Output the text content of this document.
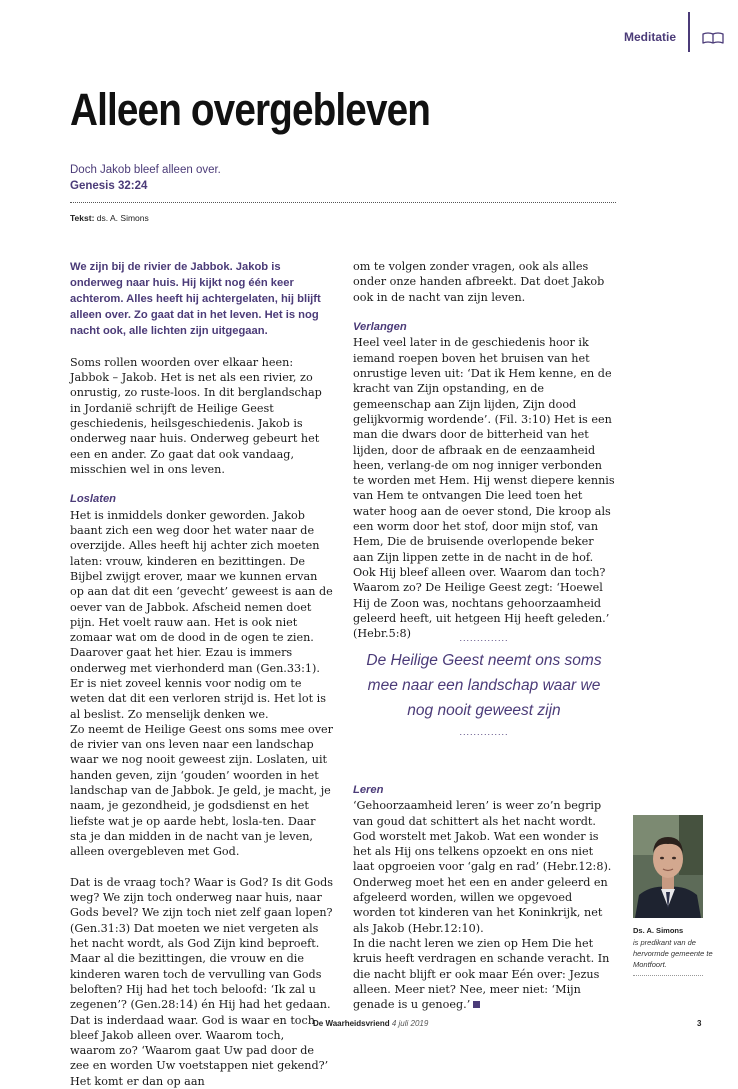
Meditatie
Alleen overgebleven
Doch Jakob bleef alleen over.
Genesis 32:24
Tekst: ds. A. Simons

We zijn bij de rivier de Jabbok. Jakob is onderweg naar huis. Hij kijkt nog één keer achterom. Alles heeft hij achtergelaten, hij blijft alleen over. Zo gaat dat in het leven. Het is nog nacht ook, alle lichten zijn uitgegaan.

Soms rollen woorden over elkaar heen: Jabbok – Jakob. Het is net als een rivier, zo onrustig, zo ruste-loos. In dit berglandschap in Jordanië schrijft de Heilige Geest geschiedenis, heilsgeschiedenis. Jakob is onderweg naar huis. Onderweg gebeurt het een en ander. Zo gaat dat ook vandaag, misschien wel in ons leven.

Loslaten

Het is inmiddels donker geworden. Jakob baant zich een weg door het water naar de overzijde. Alles heeft hij achter zich moeten laten: vrouw, kinderen en bezittingen. De Bijbel zwijgt erover, maar we kunnen ervan op aan dat dit een ‘gevecht’ geweest is aan de oever van de Jabbok. Afscheid nemen doet pijn. Het voelt rauw aan. Het is ook niet zomaar wat om de dood in de ogen te zien. Daarover gaat het hier. Ezau is immers onderweg met vierhonderd man (Gen.33:1). Er is niet zoveel kennis voor nodig om te weten dat dit een verloren strijd is. Het lot is al beslist. Zo menselijk denken we.

Zo neemt de Heilige Geest ons soms mee over de rivier van ons leven naar een landschap waar we nog nooit geweest zijn. Loslaten, uit handen geven, zijn ‘gouden’ woorden in het landschap van de Jabbok. Je geld, je macht, je naam, je gezondheid, je godsdienst en het liefste wat je op aarde hebt, losla-ten. Daar sta je dan midden in de nacht van je leven, alleen overgebleven met God.

Dat is de vraag toch? Waar is God? Is dit Gods weg? We zijn toch onderweg naar huis, naar Gods bevel? We zijn toch niet zelf gaan lopen? (Gen.31:3) Dat moeten we niet vergeten als het nacht wordt, als God Zijn kind beproeft. Maar al die bezittingen, die vrouw en die kinderen waren toch de vervulling van Gods beloften? Hij had het toch beloofd: ‘Ik zal u zegenen’? (Gen.28:14) én Hij had het gedaan.

Dat is inderdaad waar. God is waar en toch bleef Jakob alleen over. Waarom toch, waarom zo? ‘Waarom gaat Uw pad door de zee en worden Uw voetstappen niet gekend?’ Het komt er dan op aan

om te volgen zonder vragen, ook als alles onder onze handen afbreekt. Dat doet Jakob ook in de nacht van zijn leven.

Verlangen

Heel veel later in de geschiedenis hoor ik iemand roepen boven het bruisen van het onrustige leven uit: ‘Dat ik Hem kenne, en de kracht van Zijn opstanding, en de gemeenschap aan Zijn lijden, Zijn dood gelijkvormig wordende’. (Fil. 3:10) Het is een man die dwars door de bitterheid van het lijden, door de afbraak en de eenzaamheid heen, verlang-de om nog inniger verbonden te worden met Hem. Hij wenst diepere kennis van Hem te ontvangen Die leed toen het water hoog aan de oever stond, Die kroop als een worm door het stof, door mijn stof, van Hem, Die de bruisende overlopende beker aan Zijn lippen zette in de nacht in de hof.

Ook Hij bleef alleen over. Waarom dan toch? Waarom zo? De Heilige Geest zegt: ‘Hoewel Hij de Zoon was, nochtans gehoorzaamheid geleerd heeft, uit hetgeen Hij heeft geleden.’ (Hebr.5:8)	..............
De Heilige Geest neemt ons soms mee naar een landschap waar we nog nooit geweest zijn
..............

Leren

‘Gehoorzaamheid leren’ is weer zo’n begrip van goud dat schittert als het nacht wordt. God worstelt met Jakob. Wat een wonder is het als Hij ons telkens opzoekt en ons niet laat opgroeien voor ‘galg en rad’ (Hebr.12:8). Onderweg moet het een en ander geleerd en afgeleerd worden, willen we opgevoed worden tot kinderen van het Koninkrijk, net als Jakob (Hebr.12:10).

In die nacht leren we zien op Hem Die het kruis heeft verdragen en schande veracht. In die nacht blijft er ook maar Eén over: Jezus alleen. Meer niet? Nee, meer niet: ‘Mijn genade is u genoeg.’

Ds. A. Simons
is predikant van de hervormde gemeente te Montfoort.
De Waarheidsvriend 4 juli 2019	3
